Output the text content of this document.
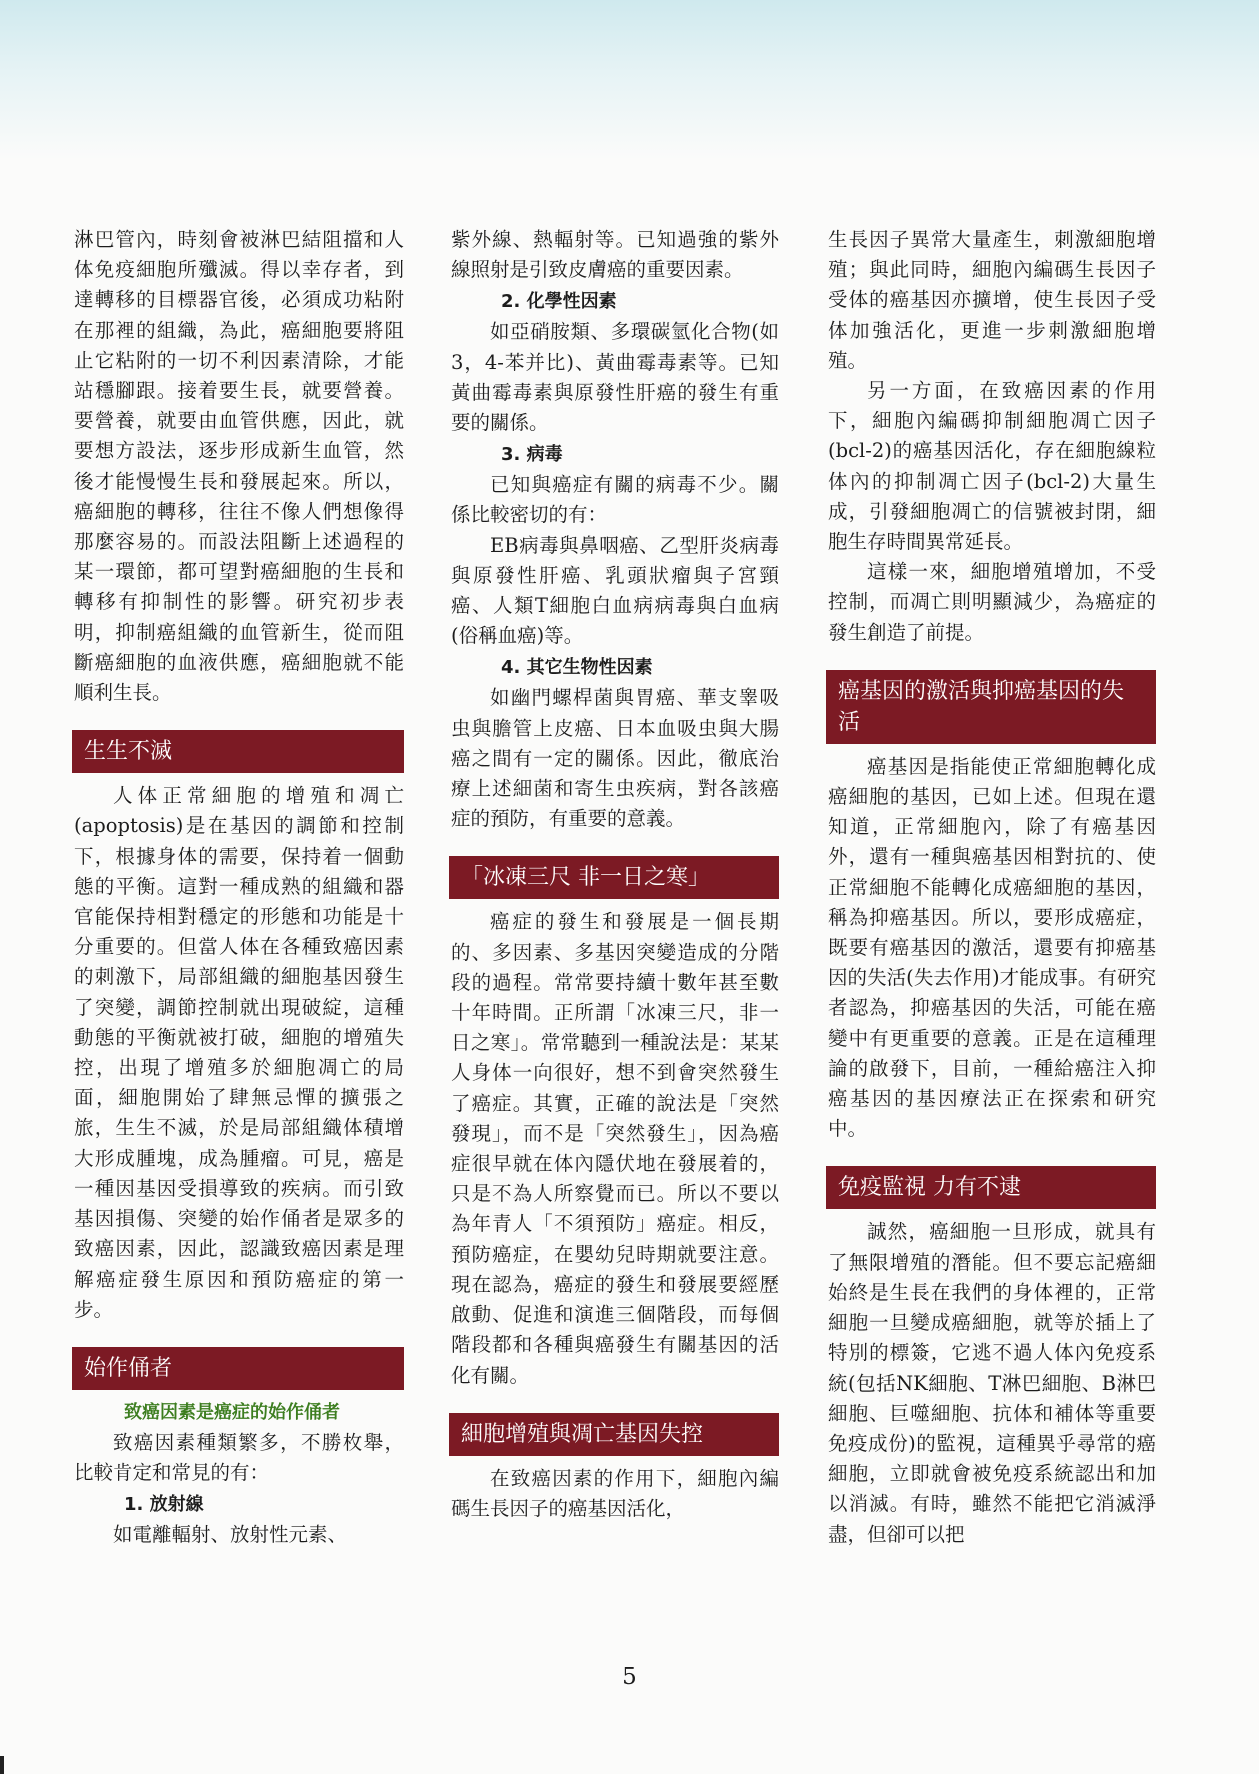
淋巴管內，時刻會被淋巴結阻擋和人体免疫細胞所殲滅。得以幸存者，到達轉移的目標器官後，必須成功粘附在那裡的組織，為此，癌細胞要將阻止它粘附的一切不利因素清除，才能站穩腳跟。接着要生長，就要營養。要營養，就要由血管供應，因此，就要想方設法，逐步形成新生血管，然後才能慢慢生長和發展起來。所以，癌細胞的轉移，往往不像人們想像得那麼容易的。而設法阻斷上述過程的某一環節，都可望對癌細胞的生長和轉移有抑制性的影響。研究初步表明，抑制癌組織的血管新生，從而阻斷癌細胞的血液供應，癌細胞就不能順利生長。

生生不滅

人体正常細胞的增殖和凋亡(apoptosis)是在基因的調節和控制下，根據身体的需要，保持着一個動態的平衡。這對一種成熟的組織和器官能保持相對穩定的形態和功能是十分重要的。但當人体在各種致癌因素的刺激下，局部組織的細胞基因發生了突變，調節控制就出現破綻，這種動態的平衡就被打破，細胞的增殖失控，出現了增殖多於細胞凋亡的局面，細胞開始了肆無忌憚的擴張之旅，生生不滅，於是局部組織体積增大形成腫塊，成為腫瘤。可見，癌是一種因基因受損導致的疾病。而引致基因損傷、突變的始作俑者是眾多的致癌因素，因此，認識致癌因素是理解癌症發生原因和預防癌症的第一步。

始作俑者
致癌因素是癌症的始作俑者

致癌因素種類繁多，不勝枚舉，比較肯定和常見的有：

1. 放射線

如電離輻射、放射性元素、

紫外線、熱輻射等。已知過強的紫外線照射是引致皮膚癌的重要因素。

2. 化學性因素

如亞硝胺類、多環碳氫化合物(如3，4-苯并比)、黃曲霉毒素等。已知黃曲霉毒素與原發性肝癌的發生有重要的關係。

3. 病毒

已知與癌症有關的病毒不少。關係比較密切的有：

EB病毒與鼻咽癌、乙型肝炎病毒與原發性肝癌、乳頭狀瘤與子宮頸癌、人類T細胞白血病病毒與白血病(俗稱血癌)等。

4. 其它生物性因素

如幽門螺桿菌與胃癌、華支睾吸虫與膽管上皮癌、日本血吸虫與大腸癌之間有一定的關係。因此，徹底治療上述細菌和寄生虫疾病，對各該癌症的預防，有重要的意義。

「冰凍三尺 非一日之寒」

癌症的發生和發展是一個長期的、多因素、多基因突變造成的分階段的過程。常常要持續十數年甚至數十年時間。正所謂「冰凍三尺，非一日之寒」。常常聽到一種說法是：某某人身体一向很好，想不到會突然發生了癌症。其實，正確的說法是「突然發現」，而不是「突然發生」，因為癌症很早就在体內隱伏地在發展着的，只是不為人所察覺而已。所以不要以為年青人「不須預防」癌症。相反，預防癌症，在嬰幼兒時期就要注意。現在認為，癌症的發生和發展要經歷啟動、促進和演進三個階段，而每個階段都和各種與癌發生有關基因的活化有關。

細胞增殖與凋亡基因失控

在致癌因素的作用下，細胞內編碼生長因子的癌基因活化，

生長因子異常大量產生，刺激細胞增殖；與此同時，細胞內編碼生長因子受体的癌基因亦擴增，使生長因子受体加強活化，更進一步刺激細胞增殖。

另一方面，在致癌因素的作用下，細胞內編碼抑制細胞凋亡因子(bcl-2)的癌基因活化，存在細胞線粒体內的抑制凋亡因子(bcl-2)大量生成，引發細胞凋亡的信號被封閉，細胞生存時間異常延長。

這樣一來，細胞增殖增加，不受控制，而凋亡則明顯減少，為癌症的發生創造了前提。

癌基因的激活與抑癌基因的失活

癌基因是指能使正常細胞轉化成癌細胞的基因，已如上述。但現在還知道，正常細胞內，除了有癌基因外，還有一種與癌基因相對抗的、使正常細胞不能轉化成癌細胞的基因，稱為抑癌基因。所以，要形成癌症，既要有癌基因的激活，還要有抑癌基因的失活(失去作用)才能成事。有研究者認為，抑癌基因的失活，可能在癌變中有更重要的意義。正是在這種理論的啟發下，目前，一種給癌注入抑癌基因的基因療法正在探索和研究中。

免疫監視 力有不逮

誠然，癌細胞一旦形成，就具有了無限增殖的潛能。但不要忘記癌細始終是生長在我們的身体裡的，正常細胞一旦變成癌細胞，就等於插上了特別的標簽，它逃不過人体內免疫系統(包括NK細胞、T淋巴細胞、B淋巴細胞、巨噬細胞、抗体和補体等重要免疫成份)的監視，這種異乎尋常的癌細胞，立即就會被免疫系統認出和加以消滅。有時，雖然不能把它消滅淨盡，但卻可以把

5
